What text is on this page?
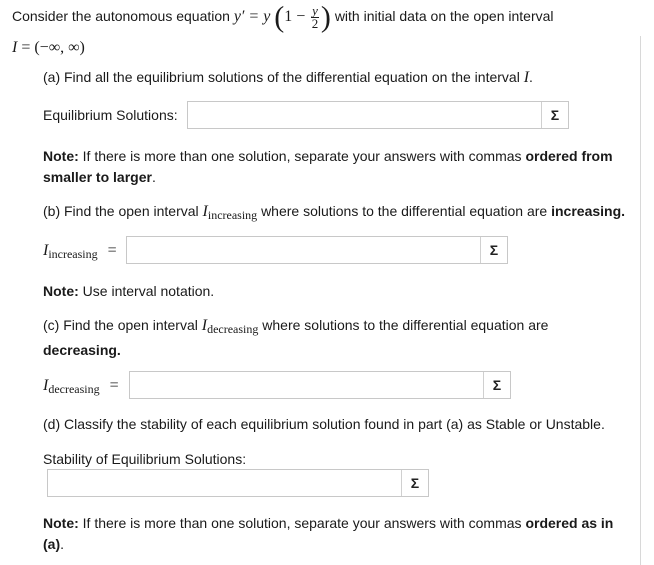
Consider the autonomous equation y′ = y ($1 - \frac{y}{2}$ ) with initial data on the open interval
I = (−∞, ∞)
(a) Find all the equilibrium solutions of the differential equation on the interval I.
Equilibrium Solutions:	Σ
Note: If there is more than one solution, separate your answers with commas ordered from smaller to larger.
(b) Find the open interval Iincreasing where solutions to the differential equation are increasing.
$I_{increasing}$ =	Σ
Note: Use interval notation.
(c) Find the open interval Idecreasing where solutions to the differential equation are
decreasing.
$I_{decreasing}$ =	Σ
(d) Classify the stability of each equilibrium solution found in part (a) as Stable or Unstable.
Stability of Equilibrium Solutions:
Σ
Note: If there is more than one solution, separate your answers with commas ordered as in (a).
